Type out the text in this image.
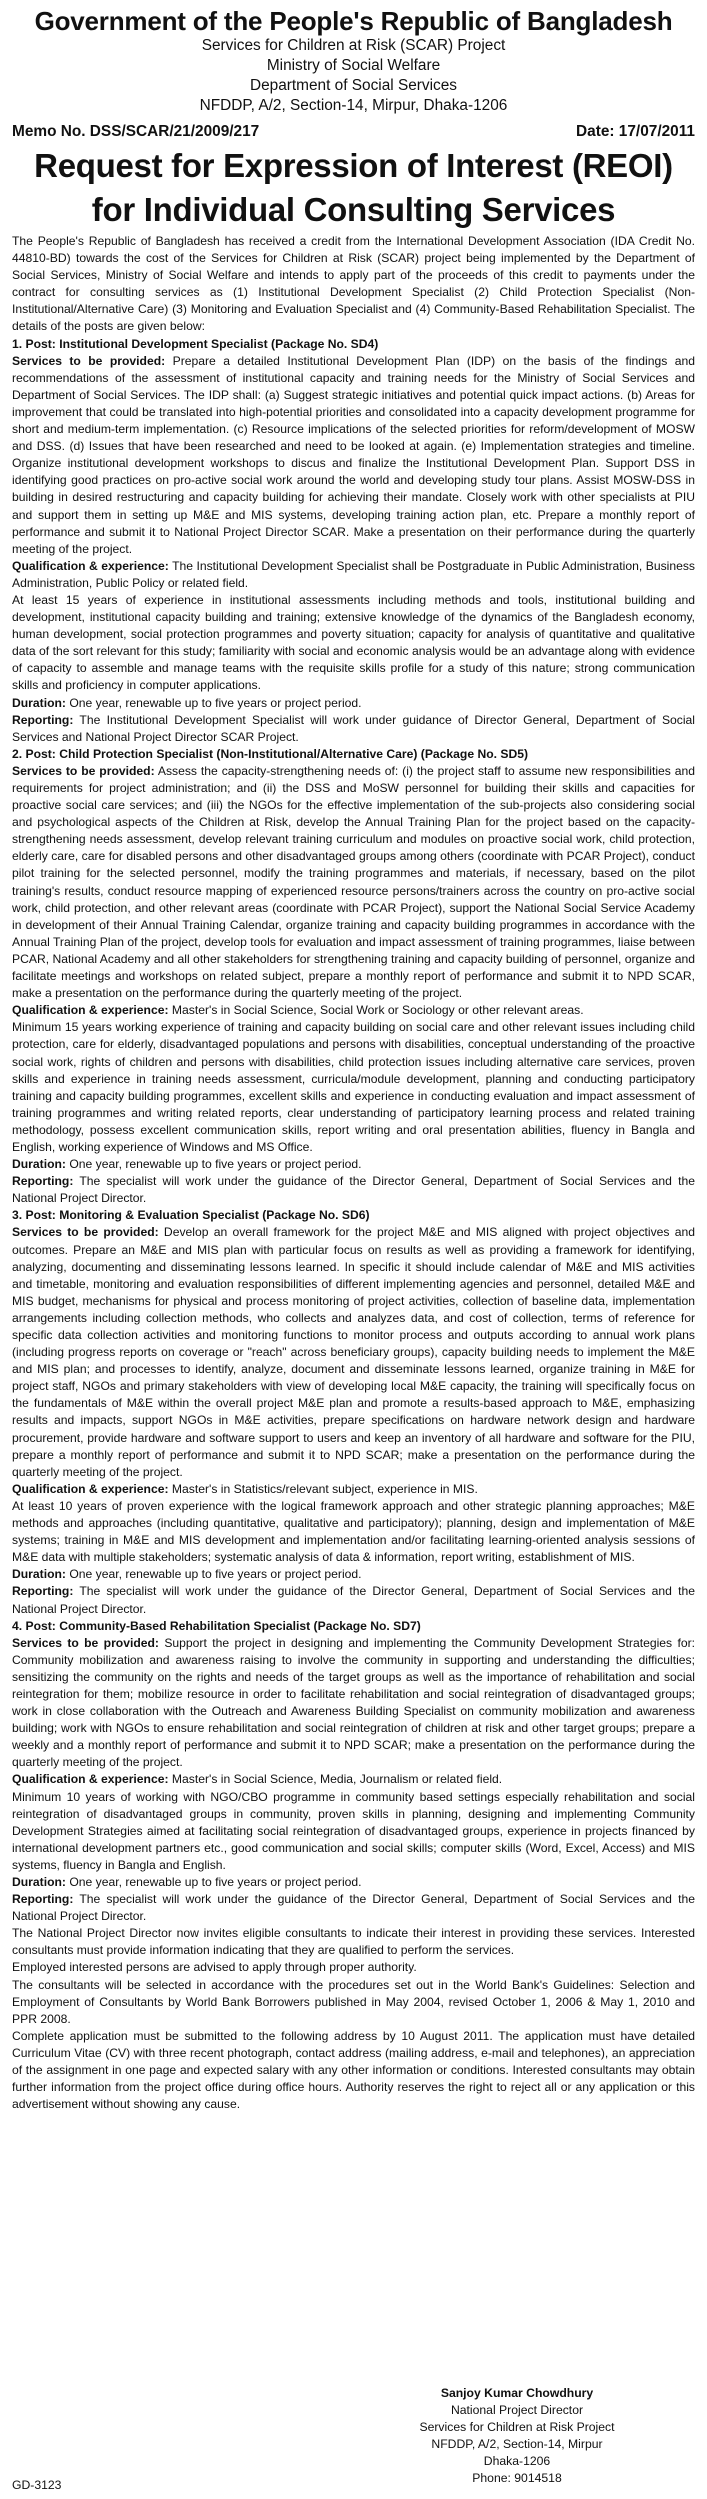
Government of the People's Republic of Bangladesh
Services for Children at Risk (SCAR) Project
Ministry of Social Welfare
Department of Social Services
NFDDP, A/2, Section-14, Mirpur, Dhaka-1206
Memo No. DSS/SCAR/21/2009/217	Date: 17/07/2011
Request for Expression of Interest (REOI)
for Individual Consulting Services

The People's Republic of Bangladesh has received a credit from the International Development Association (IDA Credit No. 44810-BD) towards the cost of the Services for Children at Risk (SCAR) project being implemented by the Department of Social Services, Ministry of Social Welfare and intends to apply part of the proceeds of this credit to payments under the contract for consulting services as (1) Institutional Development Specialist (2) Child Protection Specialist (Non-Institutional/Alternative Care) (3) Monitoring and Evaluation Specialist and (4) Community-Based Rehabilitation Specialist. The details of the posts are given below:

1. Post: Institutional Development Specialist (Package No. SD4)

Services to be provided: Prepare a detailed Institutional Development Plan (IDP) on the basis of the findings and recommendations of the assessment of institutional capacity and training needs for the Ministry of Social Services and Department of Social Services. The IDP shall: (a) Suggest strategic initiatives and potential quick impact actions. (b) Areas for improvement that could be translated into high-potential priorities and consolidated into a capacity development programme for short and medium-term implementation. (c) Resource implications of the selected priorities for reform/development of MOSW and DSS. (d) Issues that have been researched and need to be looked at again. (e) Implementation strategies and timeline. Organize institutional development workshops to discus and finalize the Institutional Development Plan. Support DSS in identifying good practices on pro-active social work around the world and developing study tour plans. Assist MOSW-DSS in building in desired restructuring and capacity building for achieving their mandate. Closely work with other specialists at PIU and support them in setting up M&E and MIS systems, developing training action plan, etc. Prepare a monthly report of performance and submit it to National Project Director SCAR. Make a presentation on their performance during the quarterly meeting of the project.

Qualification & experience: The Institutional Development Specialist shall be Postgraduate in Public Administration, Business Administration, Public Policy or related field.

At least 15 years of experience in institutional assessments including methods and tools, institutional building and development, institutional capacity building and training; extensive knowledge of the dynamics of the Bangladesh economy, human development, social protection programmes and poverty situation; capacity for analysis of quantitative and qualitative data of the sort relevant for this study; familiarity with social and economic analysis would be an advantage along with evidence of capacity to assemble and manage teams with the requisite skills profile for a study of this nature; strong communication skills and proficiency in computer applications.

Duration: One year, renewable up to five years or project period.

Reporting: The Institutional Development Specialist will work under guidance of Director General, Department of Social Services and National Project Director SCAR Project.

2. Post: Child Protection Specialist (Non-Institutional/Alternative Care) (Package No. SD5)

Services to be provided: Assess the capacity-strengthening needs of: (i) the project staff to assume new responsibilities and requirements for project administration; and (ii) the DSS and MoSW personnel for building their skills and capacities for proactive social care services; and (iii) the NGOs for the effective implementation of the sub-projects also considering social and psychological aspects of the Children at Risk, develop the Annual Training Plan for the project based on the capacity-strengthening needs assessment, develop relevant training curriculum and modules on proactive social work, child protection, elderly care, care for disabled persons and other disadvantaged groups among others (coordinate with PCAR Project), conduct pilot training for the selected personnel, modify the training programmes and materials, if necessary, based on the pilot training's results, conduct resource mapping of experienced resource persons/trainers across the country on pro-active social work, child protection, and other relevant areas (coordinate with PCAR Project), support the National Social Service Academy in development of their Annual Training Calendar, organize training and capacity building programmes in accordance with the Annual Training Plan of the project, develop tools for evaluation and impact assessment of training programmes, liaise between PCAR, National Academy and all other stakeholders for strengthening training and capacity building of personnel, organize and facilitate meetings and workshops on related subject, prepare a monthly report of performance and submit it to NPD SCAR, make a presentation on the performance during the quarterly meeting of the project.

Qualification & experience: Master's in Social Science, Social Work or Sociology or other relevant areas.

Minimum 15 years working experience of training and capacity building on social care and other relevant issues including child protection, care for elderly, disadvantaged populations and persons with disabilities, conceptual understanding of the proactive social work, rights of children and persons with disabilities, child protection issues including alternative care services, proven skills and experience in training needs assessment, curricula/module development, planning and conducting participatory training and capacity building programmes, excellent skills and experience in conducting evaluation and impact assessment of training programmes and writing related reports, clear understanding of participatory learning process and related training methodology, possess excellent communication skills, report writing and oral presentation abilities, fluency in Bangla and English, working experience of Windows and MS Office.

Duration: One year, renewable up to five years or project period.

Reporting: The specialist will work under the guidance of the Director General, Department of Social Services and the National Project Director.

3. Post: Monitoring & Evaluation Specialist (Package No. SD6)

Services to be provided: Develop an overall framework for the project M&E and MIS aligned with project objectives and outcomes. Prepare an M&E and MIS plan with particular focus on results as well as providing a framework for identifying, analyzing, documenting and disseminating lessons learned. In specific it should include calendar of M&E and MIS activities and timetable, monitoring and evaluation responsibilities of different implementing agencies and personnel, detailed M&E and MIS budget, mechanisms for physical and process monitoring of project activities, collection of baseline data, implementation arrangements including collection methods, who collects and analyzes data, and cost of collection, terms of reference for specific data collection activities and monitoring functions to monitor process and outputs according to annual work plans (including progress reports on coverage or "reach" across beneficiary groups), capacity building needs to implement the M&E and MIS plan; and processes to identify, analyze, document and disseminate lessons learned, organize training in M&E for project staff, NGOs and primary stakeholders with view of developing local M&E capacity, the training will specifically focus on the fundamentals of M&E within the overall project M&E plan and promote a results-based approach to M&E, emphasizing results and impacts, support NGOs in M&E activities, prepare specifications on hardware network design and hardware procurement, provide hardware and software support to users and keep an inventory of all hardware and software for the PIU, prepare a monthly report of performance and submit it to NPD SCAR; make a presentation on the performance during the quarterly meeting of the project.

Qualification & experience: Master's in Statistics/relevant subject, experience in MIS.

At least 10 years of proven experience with the logical framework approach and other strategic planning approaches; M&E methods and approaches (including quantitative, qualitative and participatory); planning, design and implementation of M&E systems; training in M&E and MIS development and implementation and/or facilitating learning-oriented analysis sessions of M&E data with multiple stakeholders; systematic analysis of data & information, report writing, establishment of MIS.

Duration: One year, renewable up to five years or project period.

Reporting: The specialist will work under the guidance of the Director General, Department of Social Services and the National Project Director.

4. Post: Community-Based Rehabilitation Specialist (Package No. SD7)

Services to be provided: Support the project in designing and implementing the Community Development Strategies for: Community mobilization and awareness raising to involve the community in supporting and understanding the difficulties; sensitizing the community on the rights and needs of the target groups as well as the importance of rehabilitation and social reintegration for them; mobilize resource in order to facilitate rehabilitation and social reintegration of disadvantaged groups; work in close collaboration with the Outreach and Awareness Building Specialist on community mobilization and awareness building; work with NGOs to ensure rehabilitation and social reintegration of children at risk and other target groups; prepare a weekly and a monthly report of performance and submit it to NPD SCAR; make a presentation on the performance during the quarterly meeting of the project.

Qualification & experience: Master's in Social Science, Media, Journalism or related field.

Minimum 10 years of working with NGO/CBO programme in community based settings especially rehabilitation and social reintegration of disadvantaged groups in community, proven skills in planning, designing and implementing Community Development Strategies aimed at facilitating social reintegration of disadvantaged groups, experience in projects financed by international development partners etc., good communication and social skills; computer skills (Word, Excel, Access) and MIS systems, fluency in Bangla and English.

Duration: One year, renewable up to five years or project period.

Reporting: The specialist will work under the guidance of the Director General, Department of Social Services and the National Project Director.

The National Project Director now invites eligible consultants to indicate their interest in providing these services. Interested consultants must provide information indicating that they are qualified to perform the services.

Employed interested persons are advised to apply through proper authority.

The consultants will be selected in accordance with the procedures set out in the World Bank's Guidelines: Selection and Employment of Consultants by World Bank Borrowers published in May 2004, revised October 1, 2006 & May 1, 2010 and PPR 2008.

Complete application must be submitted to the following address by 10 August 2011. The application must have detailed Curriculum Vitae (CV) with three recent photograph, contact address (mailing address, e-mail and telephones), an appreciation of the assignment in one page and expected salary with any other information or conditions. Interested consultants may obtain further information from the project office during office hours. Authority reserves the right to reject all or any application or this advertisement without showing any cause.

Sanjoy Kumar Chowdhury
National Project Director
Services for Children at Risk Project
NFDDP, A/2, Section-14, Mirpur
Dhaka-1206
Phone: 9014518
GD-3123
